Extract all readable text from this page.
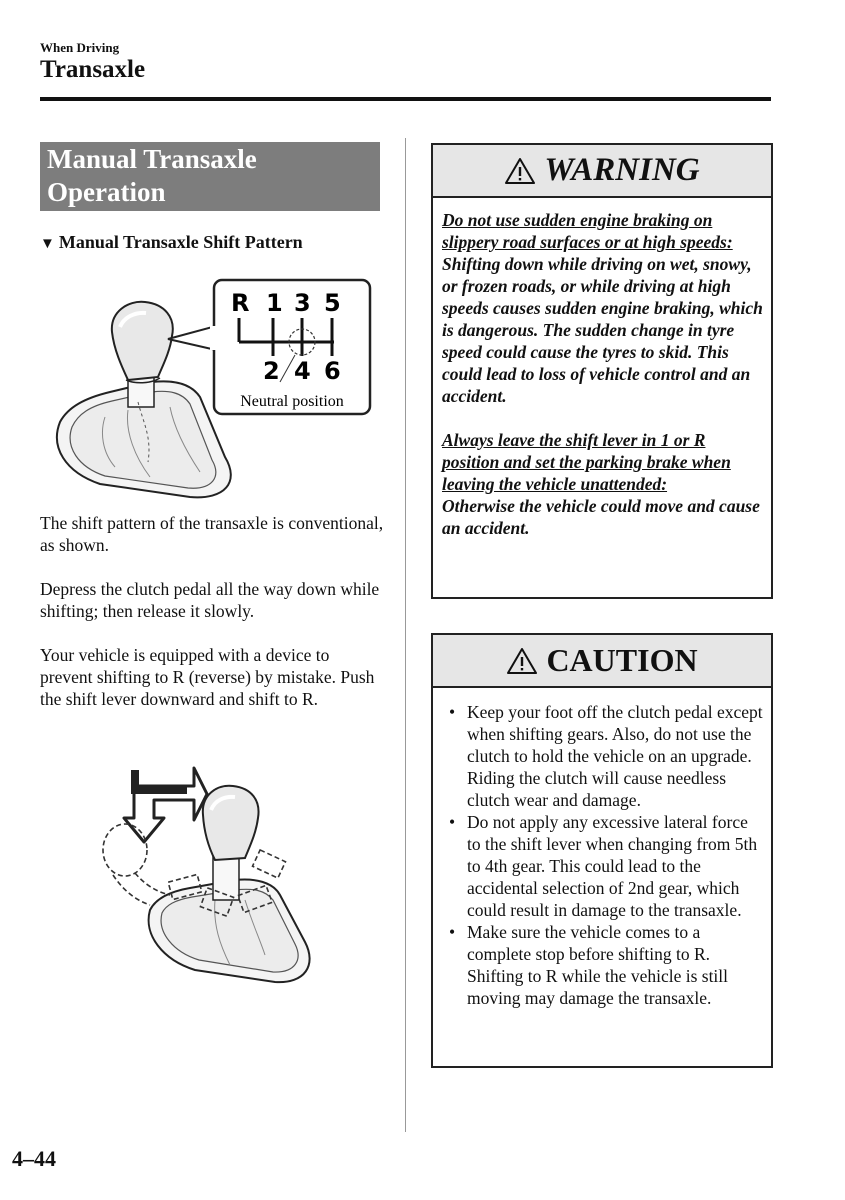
When Driving
Transaxle
Manual Transaxle Operation
▼ Manual Transaxle Shift Pattern
R 1 3 5
2 4 6
Neutral position
The shift pattern of the transaxle is conventional, as shown.
Depress the clutch pedal all the way down while shifting; then release it slowly.
Your vehicle is equipped with a device to prevent shifting to R (reverse) by mistake. Push the shift lever downward and shift to R.
WARNING
Do not use sudden engine braking on slippery road surfaces or at high speeds:
Shifting down while driving on wet, snowy, or frozen roads, or while driving at high speeds causes sudden engine braking, which is dangerous. The sudden change in tyre speed could cause the tyres to skid. This could lead to loss of vehicle control and an accident.
Always leave the shift lever in 1 or R position and set the parking brake when leaving the vehicle unattended:
Otherwise the vehicle could move and cause an accident.
CAUTION
• Keep your foot off the clutch pedal except when shifting gears. Also, do not use the clutch to hold the vehicle on an upgrade. Riding the clutch will cause needless clutch wear and damage.
• Do not apply any excessive lateral force to the shift lever when changing from 5th to 4th gear. This could lead to the accidental selection of 2nd gear, which could result in damage to the transaxle.
• Make sure the vehicle comes to a complete stop before shifting to R. Shifting to R while the vehicle is still moving may damage the transaxle.
4–44
